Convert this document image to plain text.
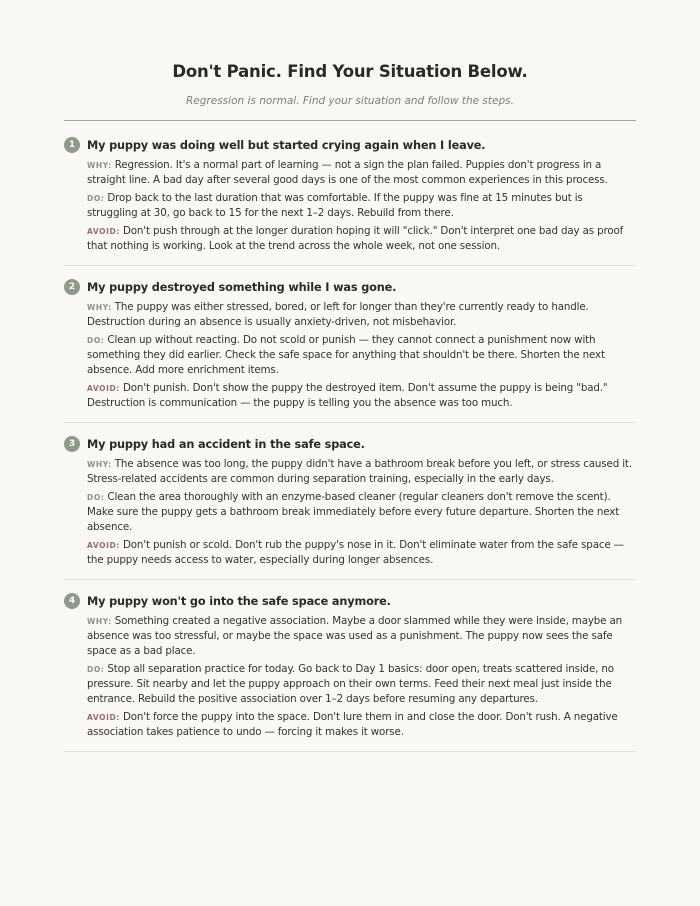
Don't Panic. Find Your Situation Below.

Regression is normal. Find your situation and follow the steps.

1	My puppy was doing well but started crying again when I leave.

WHY: Regression. It's a normal part of learning — not a sign the plan failed. Puppies don't progress in a straight line. A bad day after several good days is one of the most common experiences in this process.

DO: Drop back to the last duration that was comfortable. If the puppy was fine at 15 minutes but is struggling at 30, go back to 15 for the next 1–2 days. Rebuild from there.

AVOID: Don't push through at the longer duration hoping it will "click." Don't interpret one bad day as proof that nothing is working. Look at the trend across the whole week, not one session.

2	My puppy destroyed something while I was gone.

WHY: The puppy was either stressed, bored, or left for longer than they're currently ready to handle. Destruction during an absence is usually anxiety-driven, not misbehavior.

DO: Clean up without reacting. Do not scold or punish — they cannot connect a punishment now with something they did earlier. Check the safe space for anything that shouldn't be there. Shorten the next absence. Add more enrichment items.

AVOID: Don't punish. Don't show the puppy the destroyed item. Don't assume the puppy is being "bad." Destruction is communication — the puppy is telling you the absence was too much.

3	My puppy had an accident in the safe space.

WHY: The absence was too long, the puppy didn't have a bathroom break before you left, or stress caused it. Stress-related accidents are common during separation training, especially in the early days.

DO: Clean the area thoroughly with an enzyme-based cleaner (regular cleaners don't remove the scent). Make sure the puppy gets a bathroom break immediately before every future departure. Shorten the next absence.

AVOID: Don't punish or scold. Don't rub the puppy's nose in it. Don't eliminate water from the safe space — the puppy needs access to water, especially during longer absences.

4	My puppy won't go into the safe space anymore.

WHY: Something created a negative association. Maybe a door slammed while they were inside, maybe an absence was too stressful, or maybe the space was used as a punishment. The puppy now sees the safe space as a bad place.

DO: Stop all separation practice for today. Go back to Day 1 basics: door open, treats scattered inside, no pressure. Sit nearby and let the puppy approach on their own terms. Feed their next meal just inside the entrance. Rebuild the positive association over 1–2 days before resuming any departures.

AVOID: Don't force the puppy into the space. Don't lure them in and close the door. Don't rush. A negative association takes patience to undo — forcing it makes it worse.
